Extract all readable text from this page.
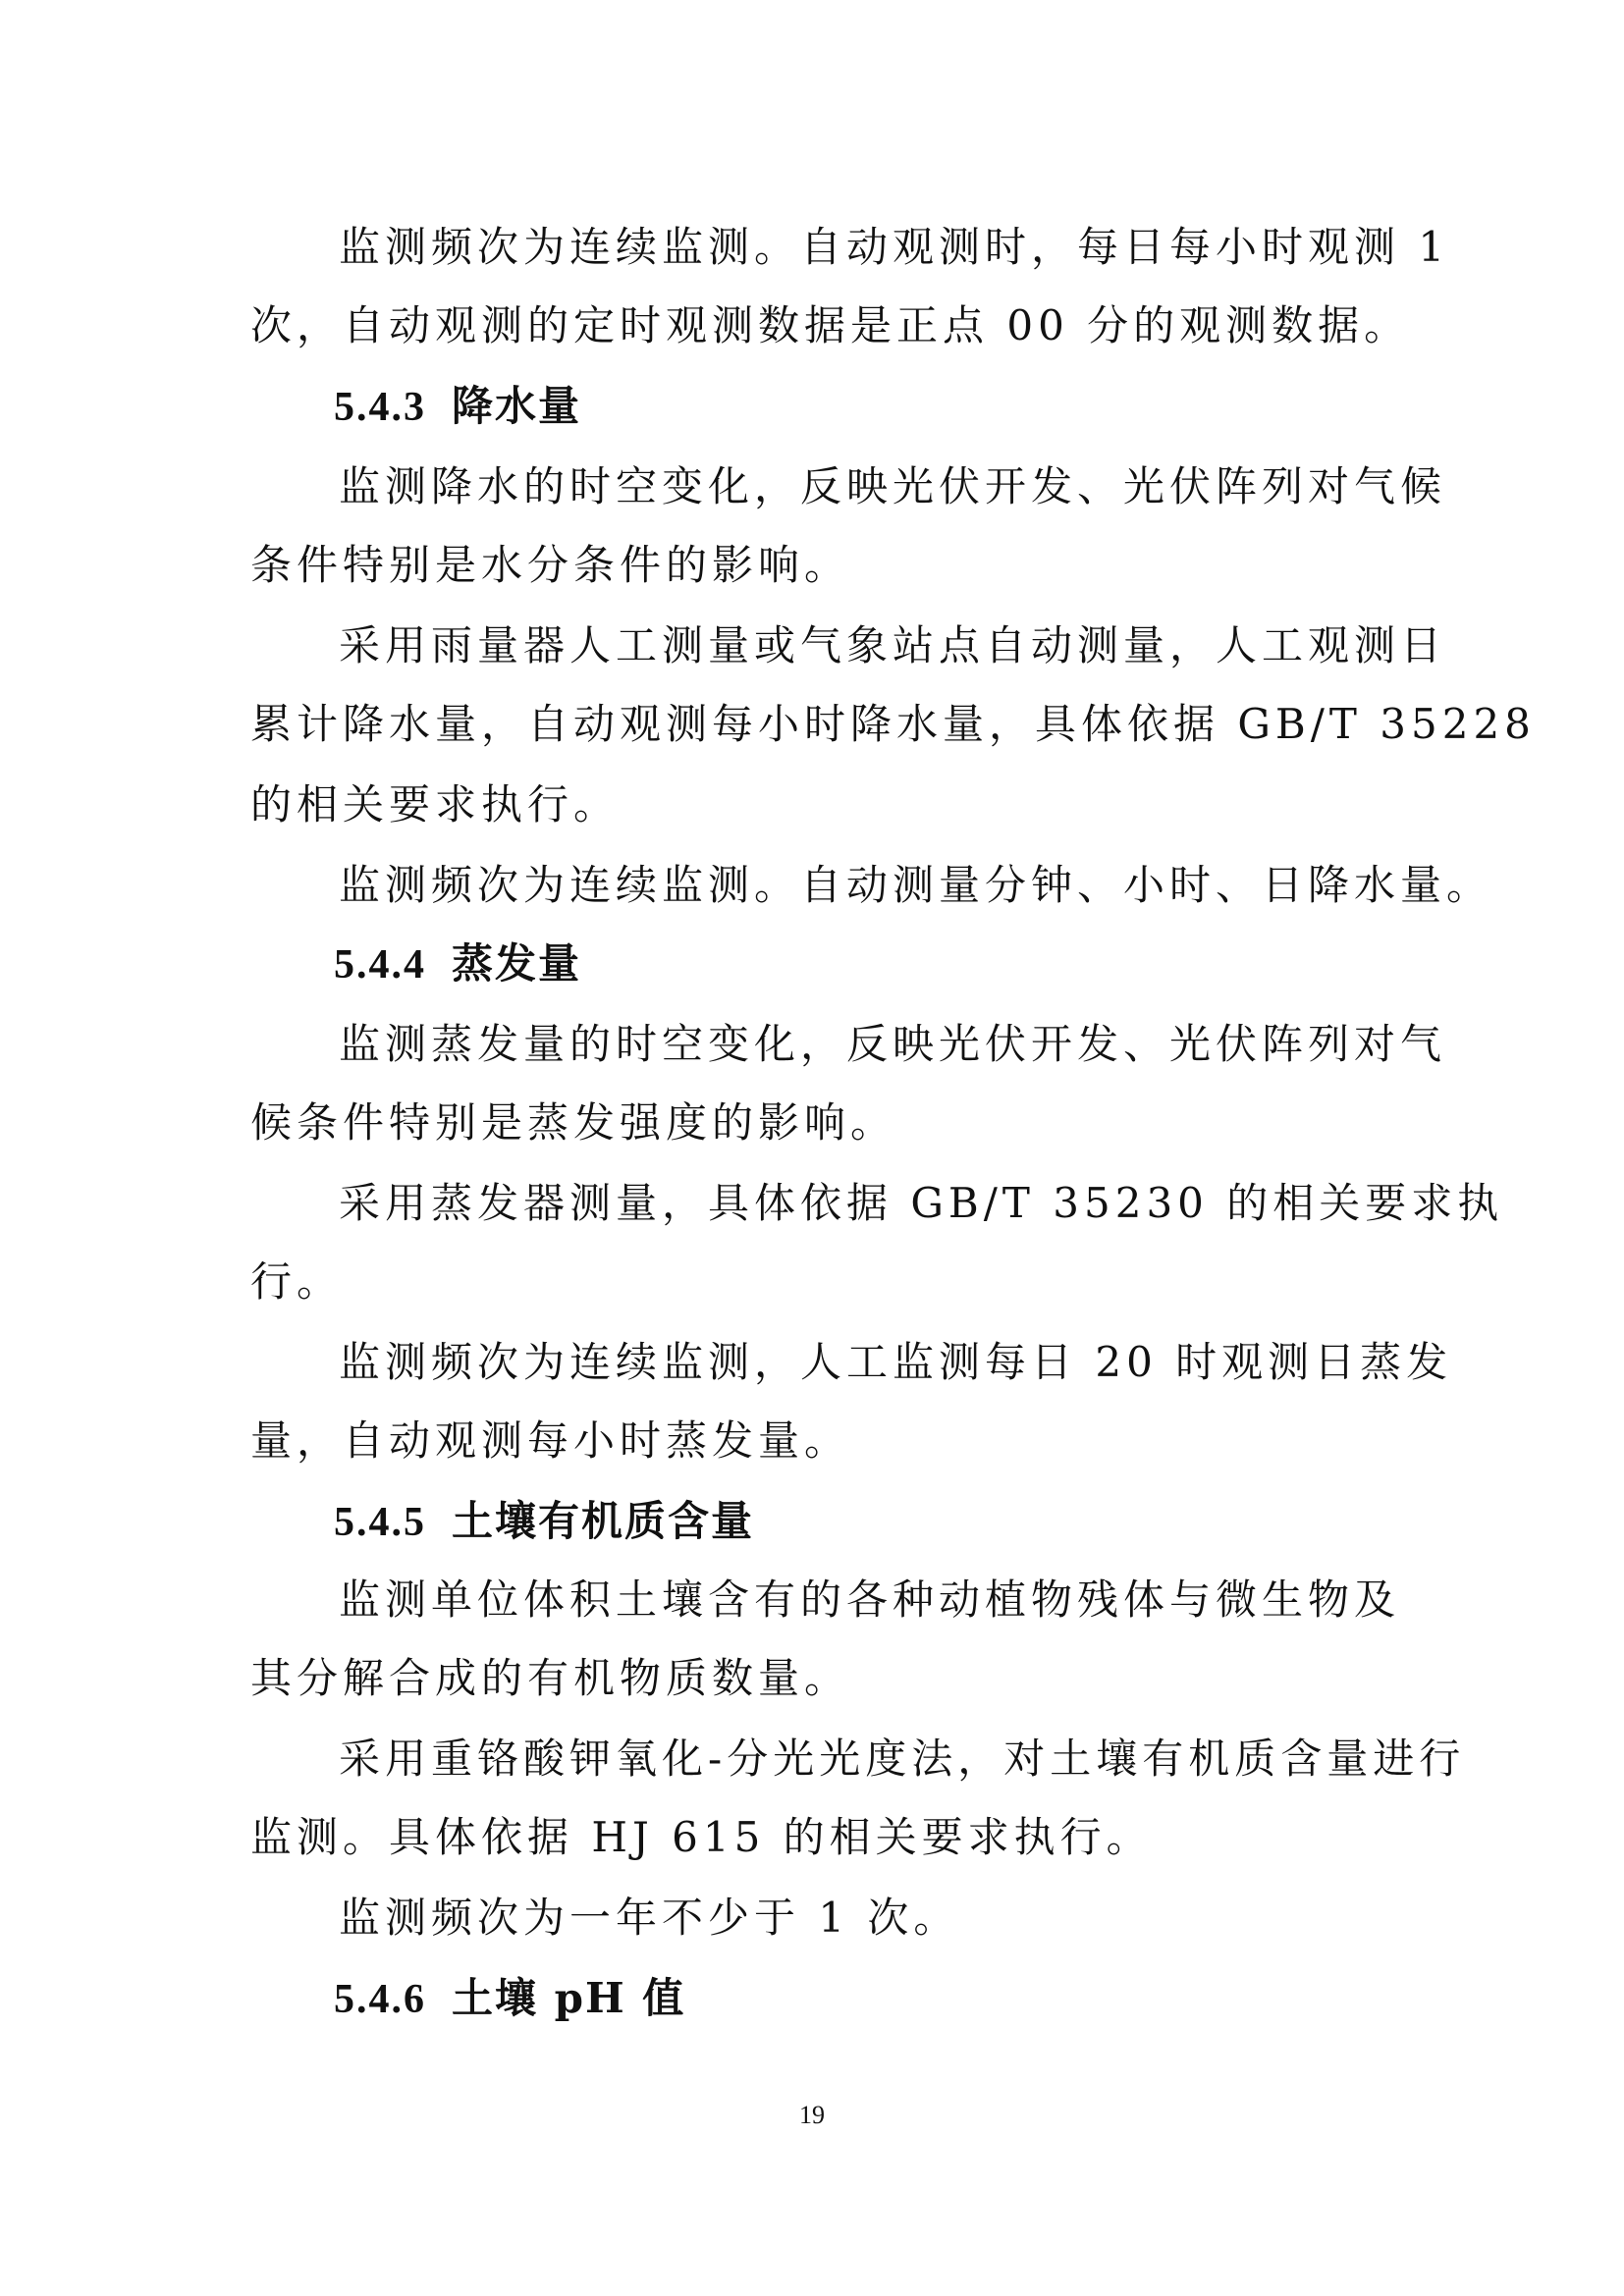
监测频次为连续监测。自动观测时，每日每小时观测 1
次，自动观测的定时观测数据是正点 00 分的观测数据。
5.4.3 降水量
监测降水的时空变化，反映光伏开发、光伏阵列对气候
条件特别是水分条件的影响。
采用雨量器人工测量或气象站点自动测量，人工观测日
累计降水量，自动观测每小时降水量，具体依据 GB/T 35228
的相关要求执行。
监测频次为连续监测。自动测量分钟、小时、日降水量。
5.4.4 蒸发量
监测蒸发量的时空变化，反映光伏开发、光伏阵列对气
候条件特别是蒸发强度的影响。
采用蒸发器测量，具体依据 GB/T 35230 的相关要求执
行。
监测频次为连续监测，人工监测每日 20 时观测日蒸发
量，自动观测每小时蒸发量。
5.4.5 土壤有机质含量
监测单位体积土壤含有的各种动植物残体与微生物及
其分解合成的有机物质数量。
采用重铬酸钾氧化-分光光度法，对土壤有机质含量进行
监测。具体依据 HJ 615 的相关要求执行。
监测频次为一年不少于 1 次。
5.4.6 土壤 pH 值
19
